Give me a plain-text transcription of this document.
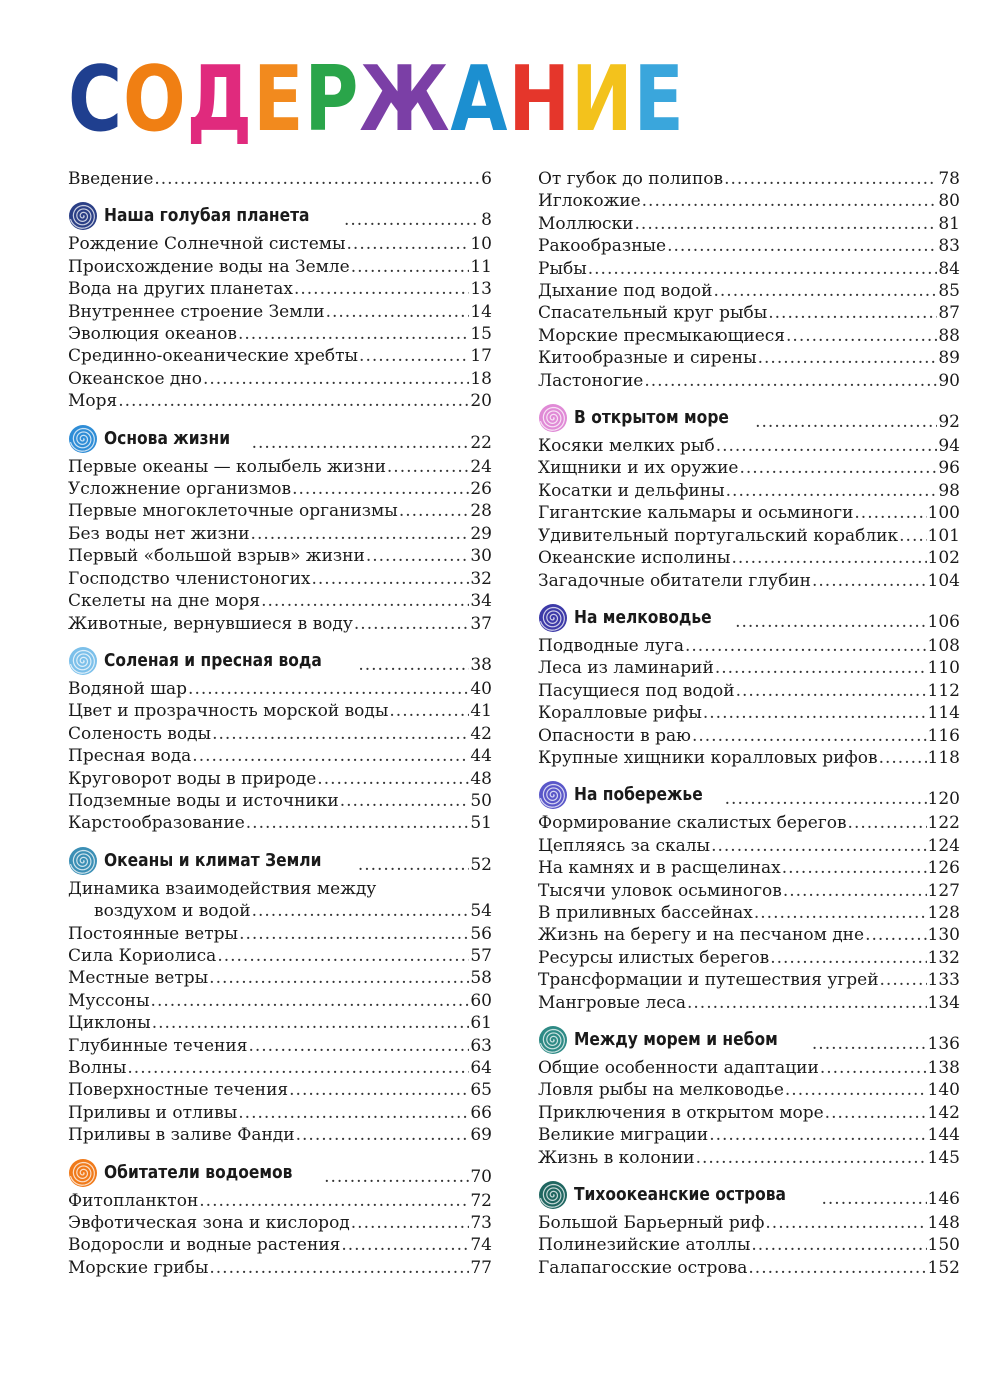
СОДЕРЖАНИЕ
Введение .....	6
Наша голубая планета .....	8
Рождение Солнечной системы .....	10
Происхождение воды на Земле .....	11
Вода на других планетах .....	13
Внутреннее строение Земли .....	14
Эволюция океанов .....	15
Срединно-океанические хребты .....	17
Океанское дно .....	18
Моря .....	20
Основа жизни .....	22
Первые океаны — колыбель жизни .....	24
Усложнение организмов .....	26
Первые многоклеточные организмы .....	28
Без воды нет жизни .....	29
Первый «большой взрыв» жизни .....	30
Господство членистоногих .....	32
Скелеты на дне моря .....	34
Животные, вернувшиеся в воду .....	37
Соленая и пресная вода .....	38
Водяной шар .....	40
Цвет и прозрачность морской воды .....	41
Соленость воды .....	42
Пресная вода .....	44
Круговорот воды в природе .....	48
Подземные воды и источники .....	50
Карстообразование .....	51
Океаны и климат Земли .....	52
Динамика взаимодействия между
воздухом и водой .....	54
Постоянные ветры .....	56
Сила Кориолиса .....	57
Местные ветры .....	58
Муссоны .....	60
Циклоны .....	61
Глубинные течения .....	63
Волны .....	64
Поверхностные течения .....	65
Приливы и отливы .....	66
Приливы в заливе Фанди .....	69
Обитатели водоемов .....	70
Фитопланктон .....	72
Эвфотическая зона и кислород .....	73
Водоросли и водные растения .....	74
Морские грибы .....	77
От губок до полипов .....	78
Иглокожие .....	80
Моллюски .....	81
Ракообразные .....	83
Рыбы .....	84
Дыхание под водой .....	85
Спасательный круг рыбы .....	87
Морские пресмыкающиеся .....	88
Китообразные и сирены .....	89
Ластоногие .....	90
В открытом море .....	92
Косяки мелких рыб .....	94
Хищники и их оружие .....	96
Косатки и дельфины .....	98
Гигантские кальмары и осьминоги .....	100
Удивительный португальский кораблик ..... 101
Океанские исполины .....	102
Загадочные обитатели глубин .....	104
На мелководье .....	106
Подводные луга .....	108
Леса из ламинарий .....	110
Пасущиеся под водой .....	112
Коралловые рифы .....	114
Опасности в раю .....	116
Крупные хищники коралловых рифов .....	118
На побережье .....	120
Формирование скалистых берегов .....	122
Цепляясь за скалы .....	124
На камнях и в расщелинах .....	126
Тысячи уловок осьминогов .....	127
В приливных бассейнах .....	128
Жизнь на берегу и на песчаном дне .....	130
Ресурсы илистых берегов .....	132
Трансформации и путешествия угрей .....	133
Мангровые леса .....	134
Между морем и небом .....	136
Общие особенности адаптации .....	138
Ловля рыбы на мелководье .....	140
Приключения в открытом море .....	142
Великие миграции .....	144
Жизнь в колонии .....	145
Тихоокеанские острова .....	146
Большой Барьерный риф .....	148
Полинезийские атоллы .....	150
Галапагосские острова .....	152
